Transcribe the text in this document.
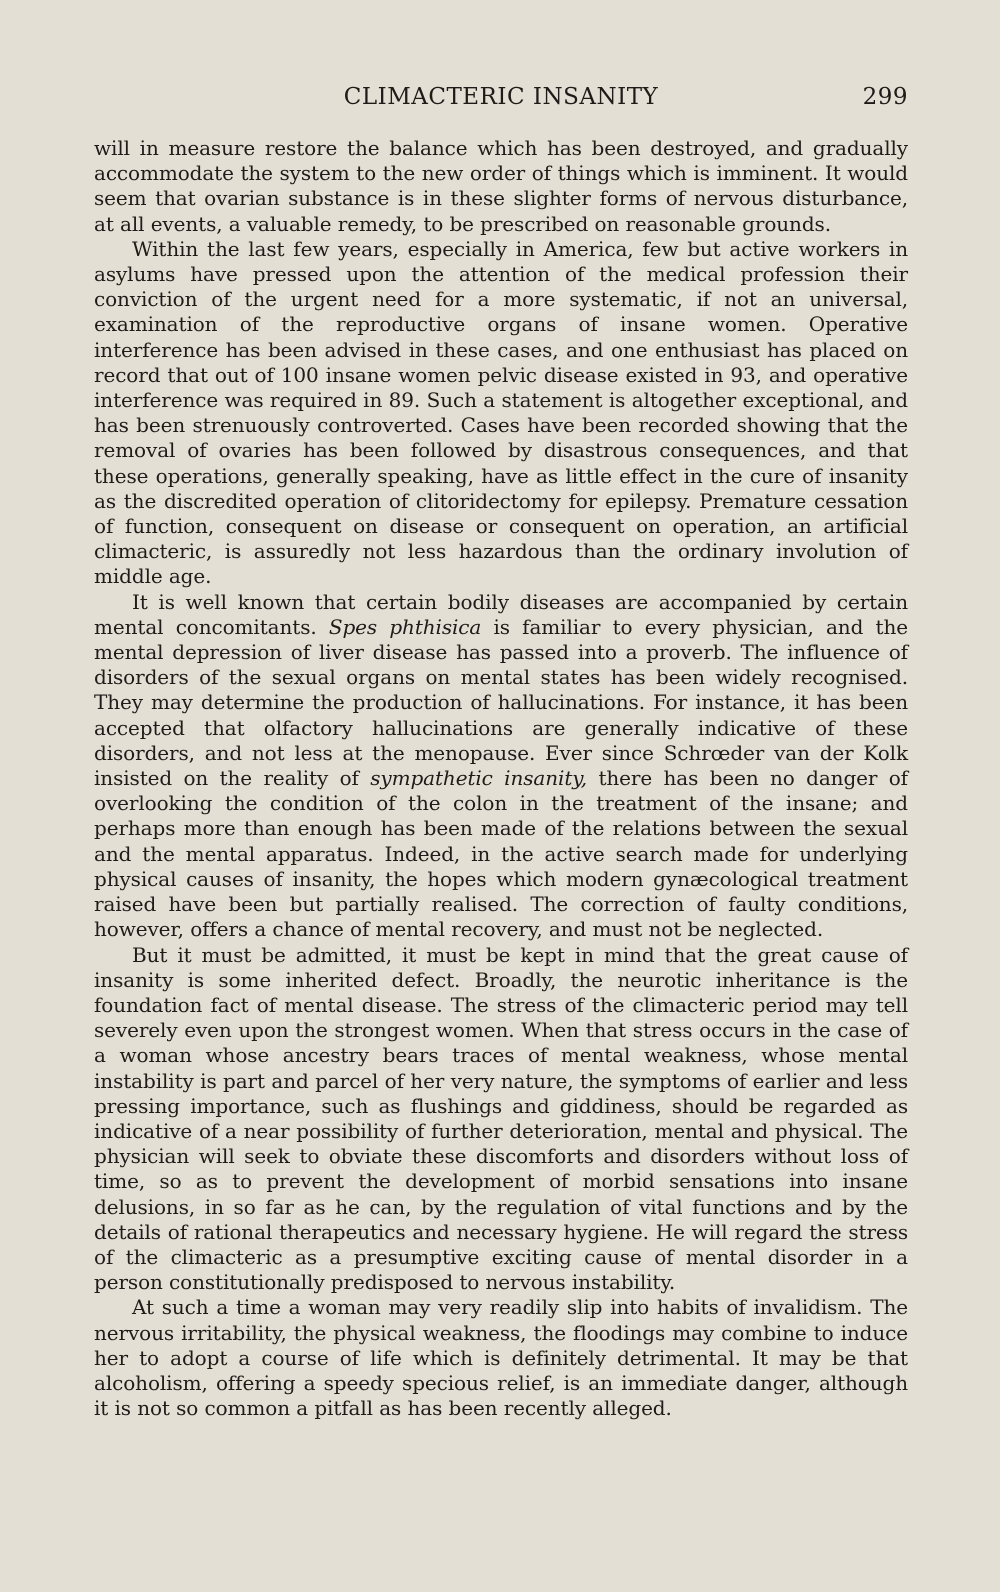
CLIMACTERIC INSANITY	299

will in measure restore the balance which has been destroyed, and gradually accommodate the system to the new order of things which is imminent. It would seem that ovarian substance is in these slighter forms of nervous disturbance, at all events, a valuable remedy, to be prescribed on reasonable grounds.

Within the last few years, especially in America, few but active workers in asylums have pressed upon the attention of the medical profession their conviction of the urgent need for a more systematic, if not an universal, examination of the reproductive organs of insane women. Operative interference has been advised in these cases, and one enthusiast has placed on record that out of 100 insane women pelvic disease existed in 93, and operative interference was required in 89. Such a statement is altogether exceptional, and has been strenuously controverted. Cases have been recorded showing that the removal of ovaries has been followed by disastrous consequences, and that these operations, generally speaking, have as little effect in the cure of insanity as the discredited operation of clitoridectomy for epilepsy. Premature cessation of function, consequent on disease or consequent on operation, an artificial climacteric, is assuredly not less hazardous than the ordinary involution of middle age.

It is well known that certain bodily diseases are accompanied by certain mental concomitants. Spes phthisica is familiar to every physician, and the mental depression of liver disease has passed into a proverb. The influence of disorders of the sexual organs on mental states has been widely recognised. They may determine the production of hallucinations. For instance, it has been accepted that olfactory hallucinations are generally indicative of these disorders, and not less at the menopause. Ever since Schrœder van der Kolk insisted on the reality of sympathetic insanity, there has been no danger of overlooking the condition of the colon in the treatment of the insane; and perhaps more than enough has been made of the relations between the sexual and the mental apparatus. Indeed, in the active search made for underlying physical causes of insanity, the hopes which modern gynæcological treatment raised have been but partially realised. The correction of faulty conditions, however, offers a chance of mental recovery, and must not be neglected.

But it must be admitted, it must be kept in mind that the great cause of insanity is some inherited defect. Broadly, the neurotic inheritance is the foundation fact of mental disease. The stress of the climacteric period may tell severely even upon the strongest women. When that stress occurs in the case of a woman whose ancestry bears traces of mental weakness, whose mental instability is part and parcel of her very nature, the symptoms of earlier and less pressing importance, such as flushings and giddiness, should be regarded as indicative of a near possibility of further deterioration, mental and physical. The physician will seek to obviate these discomforts and disorders without loss of time, so as to prevent the development of morbid sensations into insane delusions, in so far as he can, by the regulation of vital functions and by the details of rational therapeutics and necessary hygiene. He will regard the stress of the climacteric as a presumptive exciting cause of mental disorder in a person constitutionally predisposed to nervous instability.

At such a time a woman may very readily slip into habits of invalidism. The nervous irritability, the physical weakness, the floodings may combine to induce her to adopt a course of life which is definitely detrimental. It may be that alcoholism, offering a speedy specious relief, is an immediate danger, although it is not so common a pitfall as has been recently alleged.
